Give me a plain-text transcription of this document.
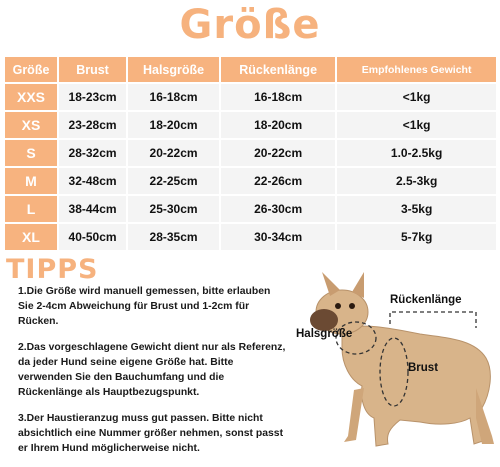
Größe
Größe	Brust	Halsgröße	Rückenlänge	Empfohlenes Gewicht
XXS	18-23cm	16-18cm	16-18cm	<1kg
XS	23-28cm	18-20cm	18-20cm	<1kg
S	28-32cm	20-22cm	20-22cm	1.0-2.5kg
M	32-48cm	22-25cm	22-26cm	2.5-3kg
L	38-44cm	25-30cm	26-30cm	3-5kg
XL	40-50cm	28-35cm	30-34cm	5-7kg
TIPPS

1.Die Größe wird manuell gemessen, bitte erlauben Sie 2-4cm Abweichung für Brust und 1-2cm für Rücken.

2.Das vorgeschlagene Gewicht dient nur als Referenz, da jeder Hund seine eigene Größe hat. Bitte verwenden Sie den Bauchumfang und die Rückenlänge als Hauptbezugspunkt.

3.Der Haustieranzug muss gut passen. Bitte nicht absichtlich eine Nummer größer nehmen, sonst passt er Ihrem Hund möglicherweise nicht.

Halsgröße
Rückenlänge
Brust
